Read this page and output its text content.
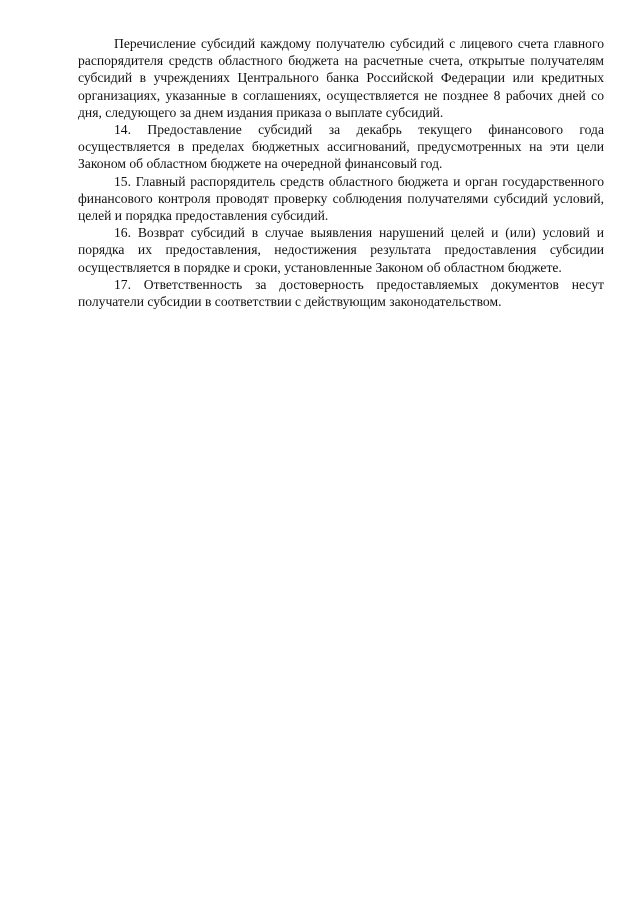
Перечисление субсидий каждому получателю субсидий с лицевого счета главного распорядителя средств областного бюджета на расчетные счета, открытые получателям субсидий в учреждениях Центрального банка Российской Федерации или кредитных организациях, указанные в соглашениях, осуществляется не позднее 8 рабочих дней со дня, следующего за днем издания приказа о выплате субсидий.

14. Предоставление субсидий за декабрь текущего финансового года осуществляется в пределах бюджетных ассигнований, предусмотренных на эти цели Законом об областном бюджете на очередной финансовый год.

15. Главный распорядитель средств областного бюджета и орган государственного финансового контроля проводят проверку соблюдения получателями субсидий условий, целей и порядка предоставления субсидий.

16. Возврат субсидий в случае выявления нарушений целей и (или) условий и порядка их предоставления, недостижения результата предоставления субсидии осуществляется в порядке и сроки, установленные Законом об областном бюджете.

17. Ответственность за достоверность предоставляемых документов несут получатели субсидии в соответствии с действующим законодательством.
